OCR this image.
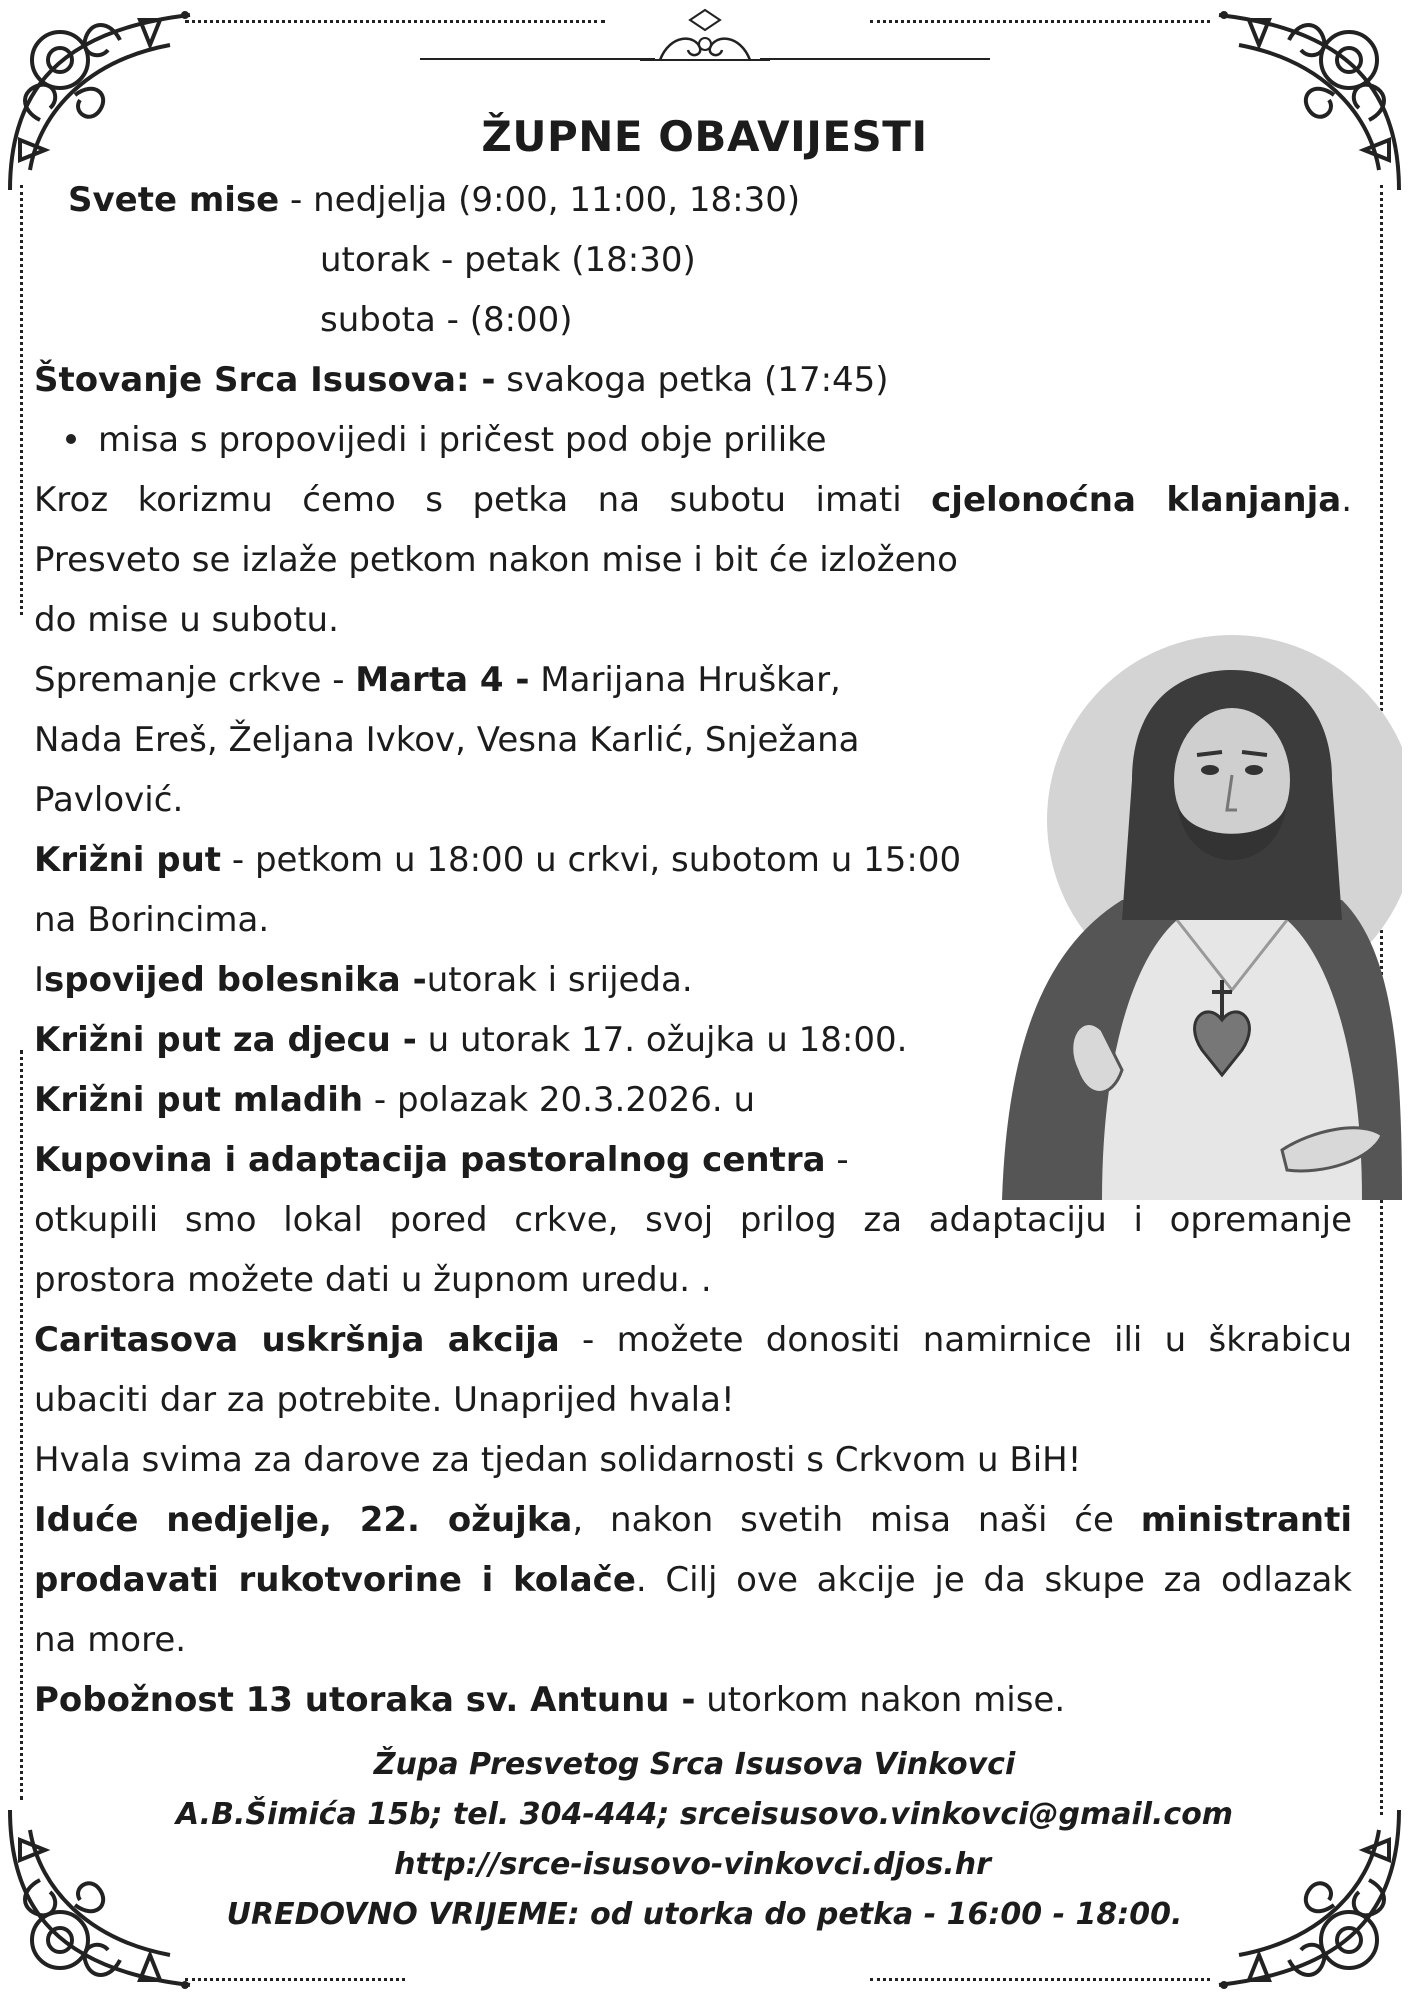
ŽUPNE OBAVIJESTI
Svete mise - nedjelja (9:00, 11:00, 18:30)
utorak - petak (18:30)
subota - (8:00)
Štovanje Srca Isusova: - svakoga petka (17:45)
misa s propovijedi i pričest pod obje prilike
Kroz korizmu ćemo s petka na subotu imati cjelonoćna klanjanja.
Presveto se izlaže petkom nakon mise i bit će izloženo
do mise u subotu.
Spremanje crkve - Marta 4 - Marijana Hruškar,
Nada Ereš, Željana Ivkov, Vesna Karlić, Snježana
Pavlović.
Križni put - petkom u 18:00 u crkvi, subotom u 15:00
na Borincima.
Ispovijed bolesnika -utorak i srijeda.
Križni put za djecu - u utorak 17. ožujka u 18:00.
Križni put mladih - polazak 20.3.2026. u
Kupovina i adaptacija pastoralnog centra -
otkupili smo lokal pored crkve, svoj prilog za adaptaciju i opremanje
prostora možete dati u župnom uredu. .
Caritasova uskršnja akcija - možete donositi namirnice ili u škrabicu
ubaciti dar za potrebite. Unaprijed hvala!
Hvala svima za darove za tjedan solidarnosti s Crkvom u BiH!
Iduće nedjelje, 22. ožujka, nakon svetih misa naši će ministranti
prodavati rukotvorine i kolače. Cilj ove akcije je da skupe za odlazak
na more.
Pobožnost 13 utoraka sv. Antunu - utorkom nakon mise.
Župa Presvetog Srca Isusova Vinkovci
A.B.Šimića 15b; tel. 304-444; srceisusovo.vinkovci@gmail.com
http://srce-isusovo-vinkovci.djos.hr
UREDOVNO VRIJEME: od utorka do petka - 16:00 - 18:00.
